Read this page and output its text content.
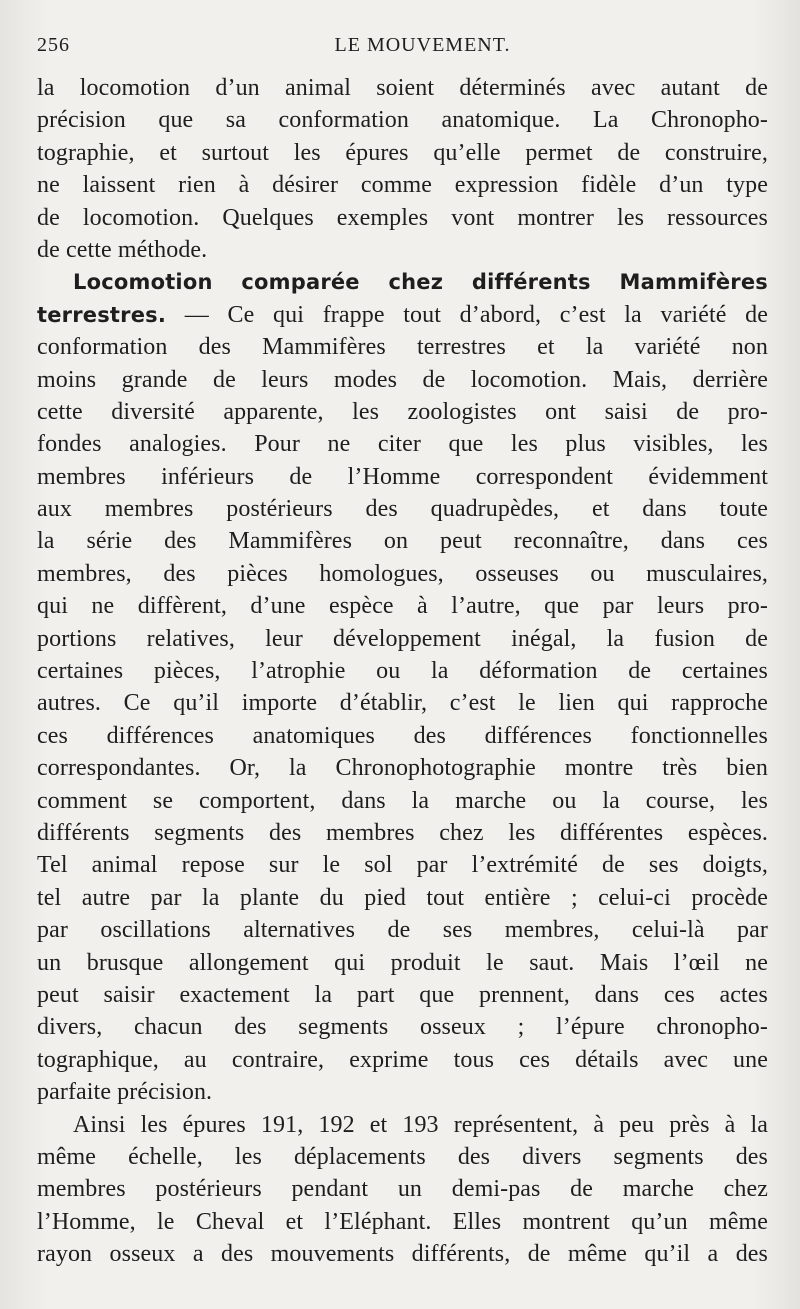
256	LE MOUVEMENT.

la locomotion d’un animal soient déterminés avec autant de
précision que sa conformation anatomique. La Chronopho-
tographie, et surtout les épures qu’elle permet de construire,
ne laissent rien à désirer comme expression fidèle d’un type
de locomotion. Quelques exemples vont montrer les ressources
de cette méthode.

Locomotion comparée chez différents Mammifères
terrestres. — Ce qui frappe tout d’abord, c’est la variété de
conformation des Mammifères terrestres et la variété non
moins grande de leurs modes de locomotion. Mais, derrière
cette diversité apparente, les zoologistes ont saisi de pro-
fondes analogies. Pour ne citer que les plus visibles, les
membres inférieurs de l’Homme correspondent évidemment
aux membres postérieurs des quadrupèdes, et dans toute
la série des Mammifères on peut reconnaître, dans ces
membres, des pièces homologues, osseuses ou musculaires,
qui ne diffèrent, d’une espèce à l’autre, que par leurs pro-
portions relatives, leur développement inégal, la fusion de
certaines pièces, l’atrophie ou la déformation de certaines
autres. Ce qu’il importe d’établir, c’est le lien qui rapproche
ces différences anatomiques des différences fonctionnelles
correspondantes. Or, la Chronophotographie montre très bien
comment se comportent, dans la marche ou la course, les
différents segments des membres chez les différentes espèces.
Tel animal repose sur le sol par l’extrémité de ses doigts,
tel autre par la plante du pied tout entière ; celui-ci procède
par oscillations alternatives de ses membres, celui-là par
un brusque allongement qui produit le saut. Mais l’œil ne
peut saisir exactement la part que prennent, dans ces actes
divers, chacun des segments osseux ; l’épure chronopho-
tographique, au contraire, exprime tous ces détails avec une
parfaite précision.

Ainsi les épures 191, 192 et 193 représentent, à peu près à la
même échelle, les déplacements des divers segments des
membres postérieurs pendant un demi-pas de marche chez
l’Homme, le Cheval et l’Eléphant. Elles montrent qu’un même
rayon osseux a des mouvements différents, de même qu’il a des
